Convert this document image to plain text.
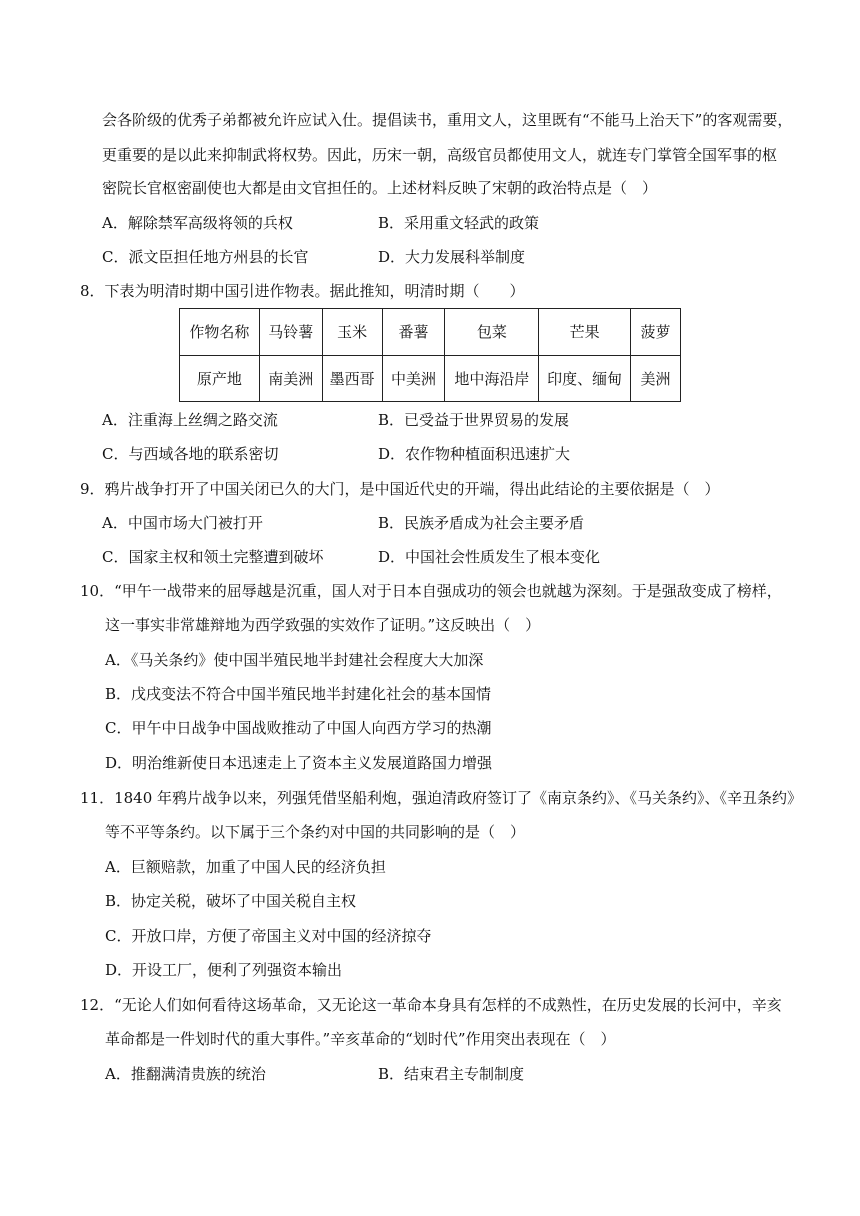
会各阶级的优秀子弟都被允许应试入仕。提倡读书，重用文人，这里既有“不能马上治天下”的客观需要，
更重要的是以此来抑制武将权势。因此，历宋一朝，高级官员都使用文人，就连专门掌管全国军事的枢
密院长官枢密副使也大都是由文官担任的。上述材料反映了宋朝的政治特点是（　）
A．解除禁军高级将领的兵权	B．采用重文轻武的政策
C．派文臣担任地方州县的长官	D．大力发展科举制度
8．下表为明清时期中国引进作物表。据此推知，明清时期（　　）
作物名称	马铃薯	玉米	番薯	包菜	芒果	菠萝
原产地	南美洲	墨西哥	中美洲	地中海沿岸	印度、缅甸	美洲
A．注重海上丝绸之路交流	B．已受益于世界贸易的发展
C．与西域各地的联系密切	D．农作物种植面积迅速扩大
9．鸦片战争打开了中国关闭已久的大门，是中国近代史的开端，得出此结论的主要依据是（　）
A．中国市场大门被打开	B．民族矛盾成为社会主要矛盾
C．国家主权和领土完整遭到破坏	D．中国社会性质发生了根本变化
10．“甲午一战带来的屈辱越是沉重，国人对于日本自强成功的领会也就越为深刻。于是强敌变成了榜样，
这一事实非常雄辩地为西学致强的实效作了证明。”这反映出（　）
A．《马关条约》使中国半殖民地半封建社会程度大大加深
B．戊戌变法不符合中国半殖民地半封建化社会的基本国情
C．甲午中日战争中国战败推动了中国人向西方学习的热潮
D．明治维新使日本迅速走上了资本主义发展道路国力增强
11．1840 年鸦片战争以来，列强凭借坚船利炮，强迫清政府签订了《南京条约》、《马关条约》、《辛丑条约》
等不平等条约。以下属于三个条约对中国的共同影响的是（　）
A．巨额赔款，加重了中国人民的经济负担
B．协定关税，破坏了中国关税自主权
C．开放口岸，方便了帝国主义对中国的经济掠夺
D．开设工厂，便利了列强资本输出
12．“无论人们如何看待这场革命，又无论这一革命本身具有怎样的不成熟性，在历史发展的长河中，辛亥
革命都是一件划时代的重大事件。”辛亥革命的“划时代”作用突出表现在（　）
A．推翻满清贵族的统治	B．结束君主专制制度
